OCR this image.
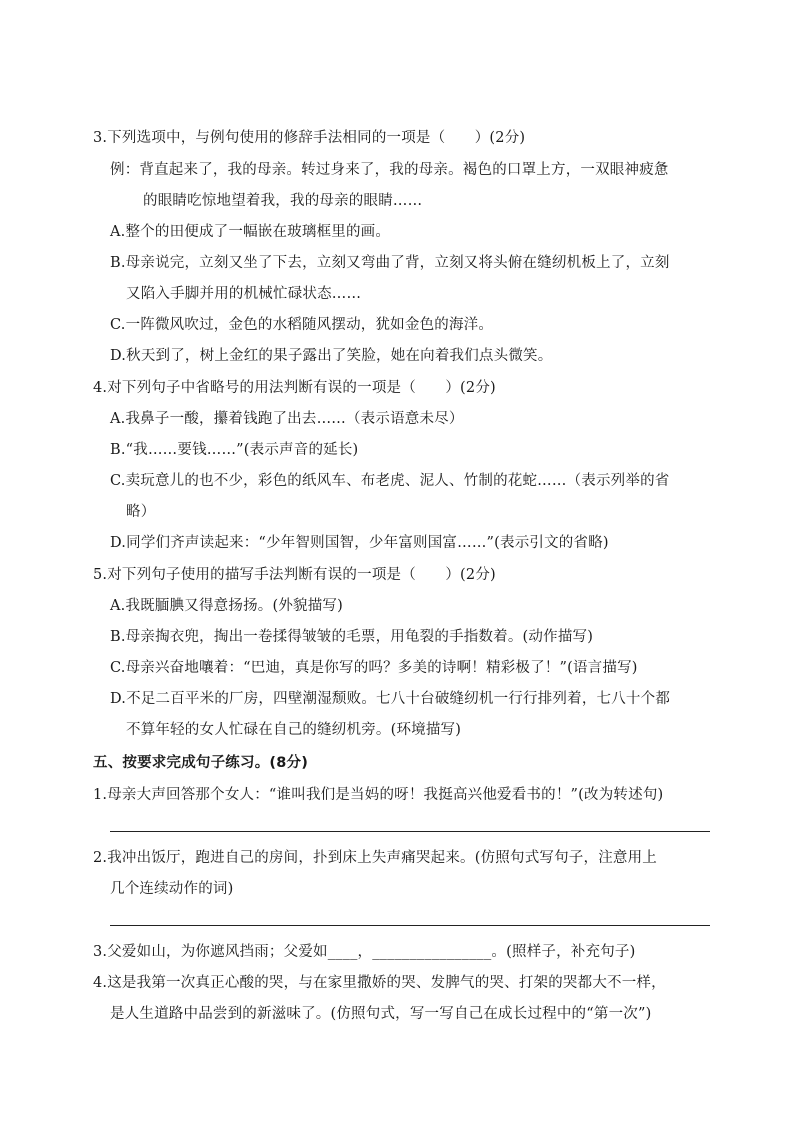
3.下列选项中，与例句使用的修辞手法相同的一项是（　　）(2分)
例：背直起来了，我的母亲。转过身来了，我的母亲。褐色的口罩上方，一双眼神疲惫
的眼睛吃惊地望着我，我的母亲的眼睛……
A.整个的田便成了一幅嵌在玻璃框里的画。
B.母亲说完，立刻又坐了下去，立刻又弯曲了背，立刻又将头俯在缝纫机板上了，立刻
又陷入手脚并用的机械忙碌状态……
C.一阵微风吹过，金色的水稻随风摆动，犹如金色的海洋。
D.秋天到了，树上金红的果子露出了笑脸，她在向着我们点头微笑。
4.对下列句子中省略号的用法判断有误的一项是（　　）(2分)
A.我鼻子一酸，攥着钱跑了出去……（表示语意未尽）
B.“我……要钱……”(表示声音的延长)
C.卖玩意儿的也不少，彩色的纸风车、布老虎、泥人、竹制的花蛇……（表示列举的省
略）
D.同学们齐声读起来：“少年智则国智，少年富则国富……”(表示引文的省略)
5.对下列句子使用的描写手法判断有误的一项是（　　）(2分)
A.我既腼腆又得意扬扬。(外貌描写)
B.母亲掏衣兜，掏出一卷揉得皱皱的毛票，用龟裂的手指数着。(动作描写)
C.母亲兴奋地嚷着：“巴迪，真是你写的吗？多美的诗啊！精彩极了！”(语言描写)
D.不足二百平米的厂房，四壁潮湿颓败。七八十台破缝纫机一行行排列着，七八十个都
不算年轻的女人忙碌在自己的缝纫机旁。(环境描写)
五、按要求完成句子练习。(8分)
1.母亲大声回答那个女人：“谁叫我们是当妈的呀！我挺高兴他爱看书的！”(改为转述句)
2.我冲出饭厅，跑进自己的房间，扑到床上失声痛哭起来。(仿照句式写句子，注意用上
几个连续动作的词)
3.父爱如山，为你遮风挡雨；父爱如____，________________。(照样子，补充句子)
4.这是我第一次真正心酸的哭，与在家里撒娇的哭、发脾气的哭、打架的哭都大不一样，
是人生道路中品尝到的新滋味了。(仿照句式，写一写自己在成长过程中的“第一次”)
